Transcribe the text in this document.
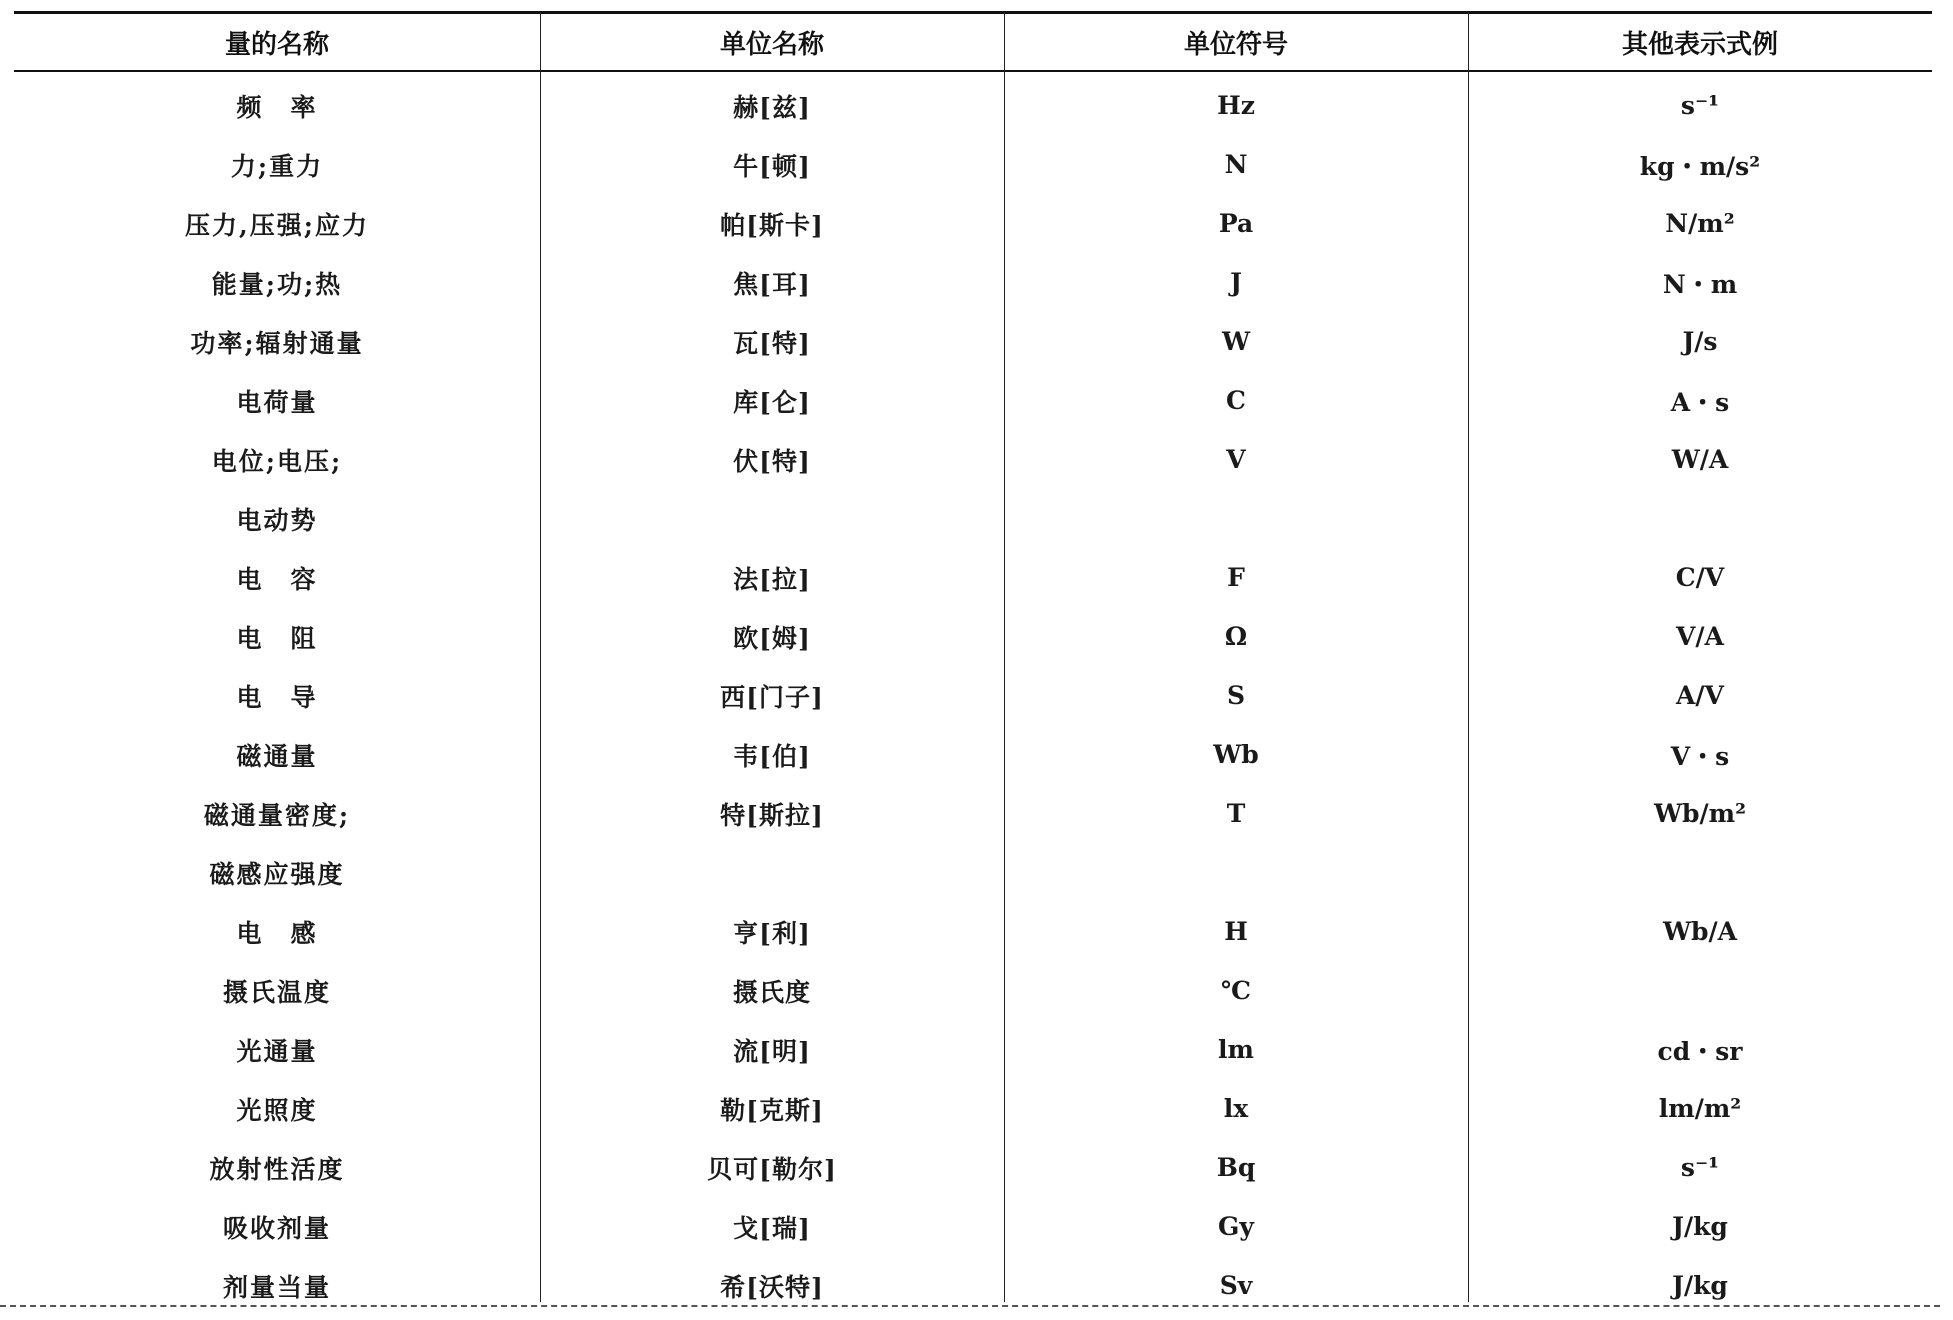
量的名称	单位名称	单位符号	其他表示式例
频　率	赫[兹]	Hz	s⁻¹
力;重力	牛[顿]	N	kg・m/s²
压力,压强;应力	帕[斯卡]	Pa	N/m²
能量;功;热	焦[耳]	J	N・m
功率;辐射通量	瓦[特]	W	J/s
电荷量	库[仑]	C	A・s
电位;电压;	伏[特]	V	W/A
电动势
电　容	法[拉]	F	C/V
电　阻	欧[姆]	Ω	V/A
电　导	西[门子]	S	A/V
磁通量	韦[伯]	Wb	V・s
磁通量密度;	特[斯拉]	T	Wb/m²
磁感应强度
电　感	亨[利]	H	Wb/A
摄氏温度	摄氏度	℃
光通量	流[明]	lm	cd・sr
光照度	勒[克斯]	lx	lm/m²
放射性活度	贝可[勒尔]	Bq	s⁻¹
吸收剂量	戈[瑞]	Gy	J/kg
剂量当量	希[沃特]	Sv	J/kg
